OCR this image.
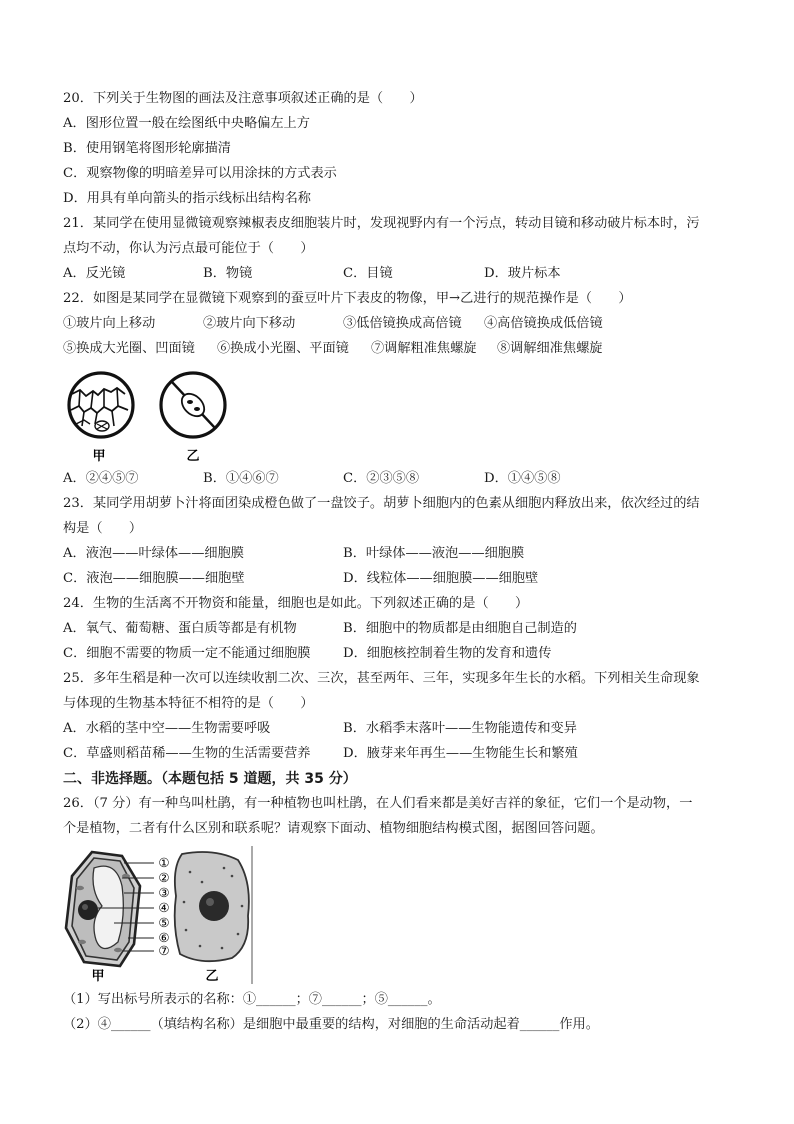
20．下列关于生物图的画法及注意事项叙述正确的是（　　）
A．图形位置一般在绘图纸中央略偏左上方
B．使用钢笔将图形轮廓描清
C．观察物像的明暗差异可以用涂抹的方式表示
D．用具有单向箭头的指示线标出结构名称
21．某同学在使用显微镜观察辣椒表皮细胞装片时，发现视野内有一个污点，转动目镜和移动破片标本时，污
点均不动，你认为污点最可能位于（　　）
A．反光镜	B．物镜	C．目镜	D．玻片标本
22．如图是某同学在显微镜下观察到的蚕豆叶片下表皮的物像，甲→乙进行的规范操作是（　　）
①玻片向上移动	②玻片向下移动	③低倍镜换成高倍镜 ④高倍镜换成低倍镜
⑤换成大光圈、凹面镜 ⑥换成小光圈、平面镜 ⑦调解粗准焦螺旋 ⑧调解细准焦螺旋
甲	乙
A．②④⑤⑦	B．①④⑥⑦	C．②③⑤⑧	D．①④⑤⑧
23．某同学用胡萝卜汁将面团染成橙色做了一盘饺子。胡萝卜细胞内的色素从细胞内释放出来，依次经过的结
构是（　　）
A．液泡——叶绿体——细胞膜	B．叶绿体——液泡——细胞膜
C．液泡——细胞膜——细胞壁	D．线粒体——细胞膜——细胞壁
24．生物的生活离不开物资和能量，细胞也是如此。下列叙述正确的是（　　）
A．氧气、葡萄糖、蛋白质等都是有机物	B．细胞中的物质都是由细胞自己制造的
C．细胞不需要的物质一定不能通过细胞膜 D．细胞核控制着生物的发育和遗传
25．多年生稻是种一次可以连续收割二次、三次，甚至两年、三年，实现多年生长的水稻。下列相关生命现象
与体现的生物基本特征不相符的是（　　）
A．水稻的茎中空——生物需要呼吸	B．水稻季末落叶——生物能遗传和变异
C．草盛则稻苗稀——生物的生活需要营养 D．腋芽来年再生——生物能生长和繁殖
二、非选择题。（本题包括 5 道题，共 35 分）
26．（7 分）有一种鸟叫杜鹃，有一种植物也叫杜鹃，在人们看来都是美好吉祥的象征，它们一个是动物，一
个是植物，二者有什么区别和联系呢？请观察下面动、植物细胞结构模式图，据图回答问题。
①
②
③
④
⑤
⑥
⑦
甲	乙
（1）写出标号所表示的名称：①______；⑦______；⑤______。
（2）④______（填结构名称）是细胞中最重要的结构，对细胞的生命活动起着______作用。
